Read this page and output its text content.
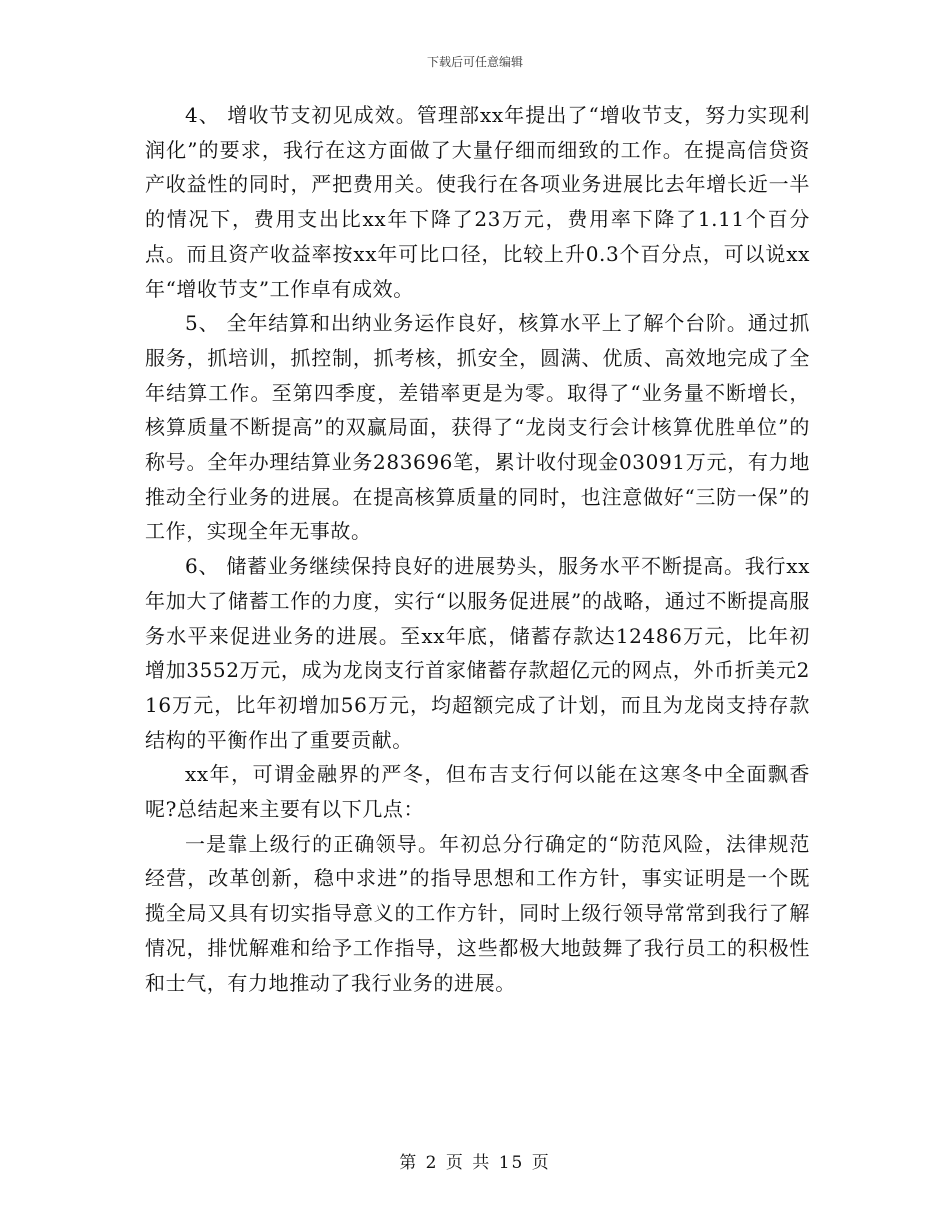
下载后可任意编辑

4、 增收节支初见成效。管理部xx年提出了“增收节支，努力实现利润化”的要求，我行在这方面做了大量仔细而细致的工作。在提高信贷资产收益性的同时，严把费用关。使我行在各项业务进展比去年增长近一半的情况下，费用支出比xx年下降了23万元，费用率下降了1.11个百分点。而且资产收益率按xx年可比口径，比较上升0.3个百分点，可以说xx年“增收节支”工作卓有成效。

5、 全年结算和出纳业务运作良好，核算水平上了解个台阶。通过抓服务，抓培训，抓控制，抓考核，抓安全，圆满、优质、高效地完成了全年结算工作。至第四季度，差错率更是为零。取得了“业务量不断增长，核算质量不断提高”的双赢局面，获得了“龙岗支行会计核算优胜单位”的称号。全年办理结算业务283696笔，累计收付现金03091万元，有力地推动全行业务的进展。在提高核算质量的同时，也注意做好“三防一保”的工作，实现全年无事故。

6、 储蓄业务继续保持良好的进展势头，服务水平不断提高。我行xx年加大了储蓄工作的力度，实行“以服务促进展”的战略，通过不断提高服务水平来促进业务的进展。至xx年底，储蓄存款达12486万元，比年初增加3552万元，成为龙岗支行首家储蓄存款超亿元的网点，外币折美元216万元，比年初增加56万元，均超额完成了计划，而且为龙岗支持存款结构的平衡作出了重要贡献。

xx年，可谓金融界的严冬，但布吉支行何以能在这寒冬中全面飘香呢?总结起来主要有以下几点：

一是靠上级行的正确领导。年初总分行确定的“防范风险，法律规范经营，改革创新，稳中求进”的指导思想和工作方针，事实证明是一个既揽全局又具有切实指导意义的工作方针，同时上级行领导常常到我行了解情况，排忧解难和给予工作指导，这些都极大地鼓舞了我行员工的积极性和士气，有力地推动了我行业务的进展。

第 2 页 共 15 页
